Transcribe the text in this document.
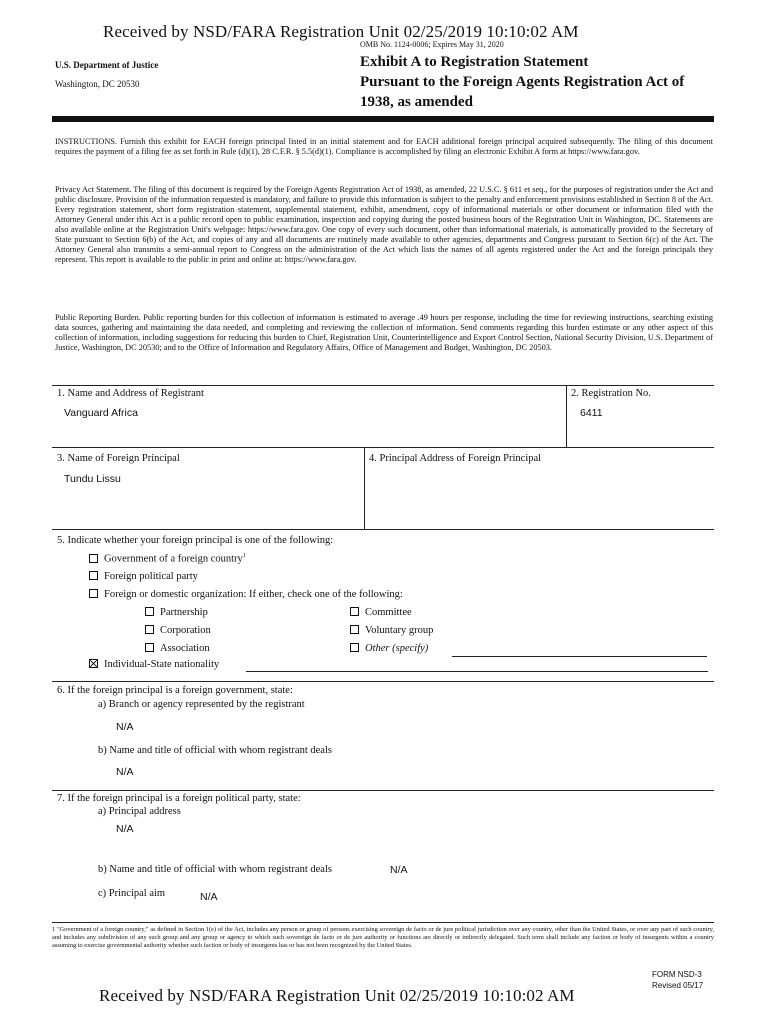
Received by NSD/FARA Registration Unit 02/25/2019 10:10:02 AM
OMB No. 1124-0006; Expires May 31, 2020
U.S. Department of Justice
Washington, DC 20530
Exhibit A to Registration Statement
Pursuant to the Foreign Agents Registration Act of
1938, as amended
INSTRUCTIONS. Furnish this exhibit for EACH foreign principal listed in an initial statement and for EACH additional foreign principal acquired subsequently. The filing of this document requires the payment of a filing fee as set forth in Rule (d)(1), 28 C.F.R. § 5.5(d)(1). Compliance is accomplished by filing an electronic Exhibit A form at https://www.fara.gov.
Privacy Act Statement. The filing of this document is required by the Foreign Agents Registration Act of 1938, as amended, 22 U.S.C. § 611 et seq., for the purposes of registration under the Act and public disclosure. Provision of the information requested is mandatory, and failure to provide this information is subject to the penalty and enforcement provisions established in Section 8 of the Act. Every registration statement, short form registration statement, supplemental statement, exhibit, amendment, copy of informational materials or other document or information filed with the Attorney General under this Act is a public record open to public examination, inspection and copying during the posted business hours of the Registration Unit in Washington, DC. Statements are also available online at the Registration Unit's webpage: https://www.fara.gov. One copy of every such document, other than informational materials, is automatically provided to the Secretary of State pursuant to Section 6(b) of the Act, and copies of any and all documents are routinely made available to other agencies, departments and Congress pursuant to Section 6(c) of the Act. The Attorney General also transmits a semi-annual report to Congress on the administration of the Act which lists the names of all agents registered under the Act and the foreign principals they represent. This report is available to the public in print and online at: https://www.fara.gov.
Public Reporting Burden. Public reporting burden for this collection of information is estimated to average .49 hours per response, including the time for reviewing instructions, searching existing data sources, gathering and maintaining the data needed, and completing and reviewing the collection of information. Send comments regarding this burden estimate or any other aspect of this collection of information, including suggestions for reducing this burden to Chief, Registration Unit, Counterintelligence and Export Control Section, National Security Division, U.S. Department of Justice, Washington, DC 20530; and to the Office of Information and Regulatory Affairs, Office of Management and Budget, Washington, DC 20503.
1. Name and Address of Registrant
Vanguard Africa
2. Registration No.
6411
3. Name of Foreign Principal
Tundu Lissu
4. Principal Address of Foreign Principal
5. Indicate whether your foreign principal is one of the following:
Government of a foreign country$^1$
Foreign political party
Foreign or domestic organization: If either, check one of the following:
Partnership
Corporation
Association
Committee
Voluntary group
Other (specify)
Individual-State nationality
6. If the foreign principal is a foreign government, state:
a) Branch or agency represented by the registrant
N/A
b) Name and title of official with whom registrant deals
N/A
7. If the foreign principal is a foreign political party, state:
a) Principal address
N/A
b) Name and title of official with whom registrant deals	N/A
c) Principal aim	N/A
1 "Government of a foreign country," as defined in Section 1(e) of the Act, includes any person or group of persons exercising sovereign de facto or de jure political jurisdiction over any country, other than the United States, or over any part of such country, and includes any subdivision of any such group and any group or agency to which such sovereign de facto or de jure authority or functions are directly or indirectly delegated. Such term shall include any faction or body of insurgents within a country assuming to exercise governmental authority whether such faction or body of insurgents has or has not been recognized by the United States.
FORM NSD-3
Revised 05/17
Received by NSD/FARA Registration Unit 02/25/2019 10:10:02 AM
